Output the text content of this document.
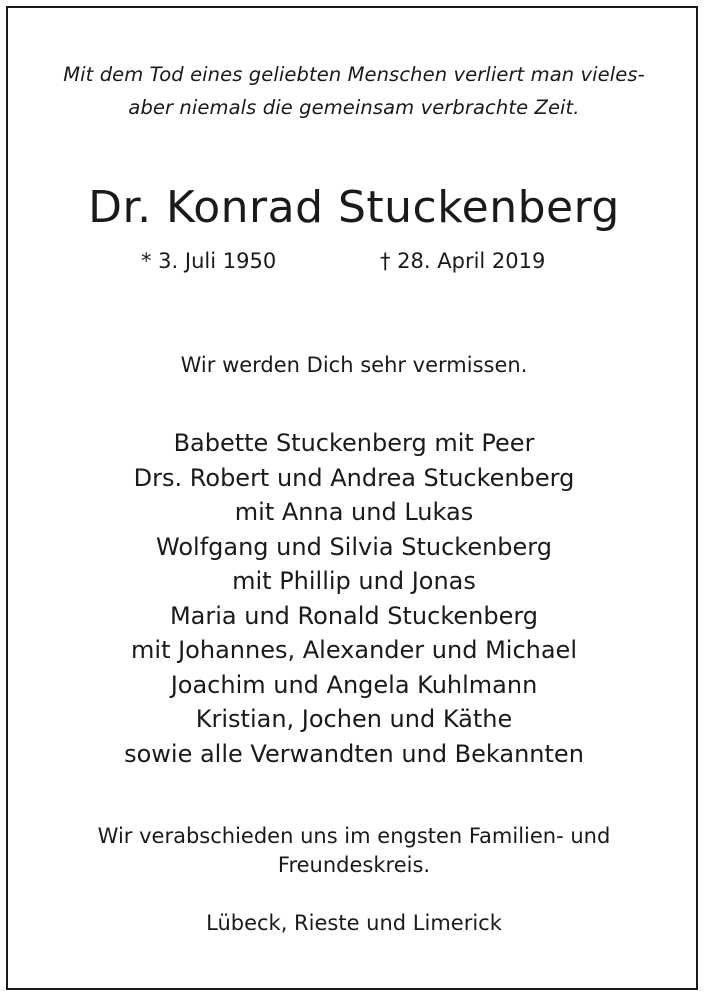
Mit dem Tod eines geliebten Menschen verliert man vieles-
aber niemals die gemeinsam verbrachte Zeit.
Dr. Konrad Stuckenberg
* 3. Juli 1950	† 28. April 2019
Wir werden Dich sehr vermissen.
Babette Stuckenberg mit Peer
Drs. Robert und Andrea Stuckenberg
mit Anna und Lukas
Wolfgang und Silvia Stuckenberg
mit Phillip und Jonas
Maria und Ronald Stuckenberg
mit Johannes, Alexander und Michael
Joachim und Angela Kuhlmann
Kristian, Jochen und Käthe
sowie alle Verwandten und Bekannten
Wir verabschieden uns im engsten Familien- und
Freundeskreis.
Lübeck, Rieste und Limerick
